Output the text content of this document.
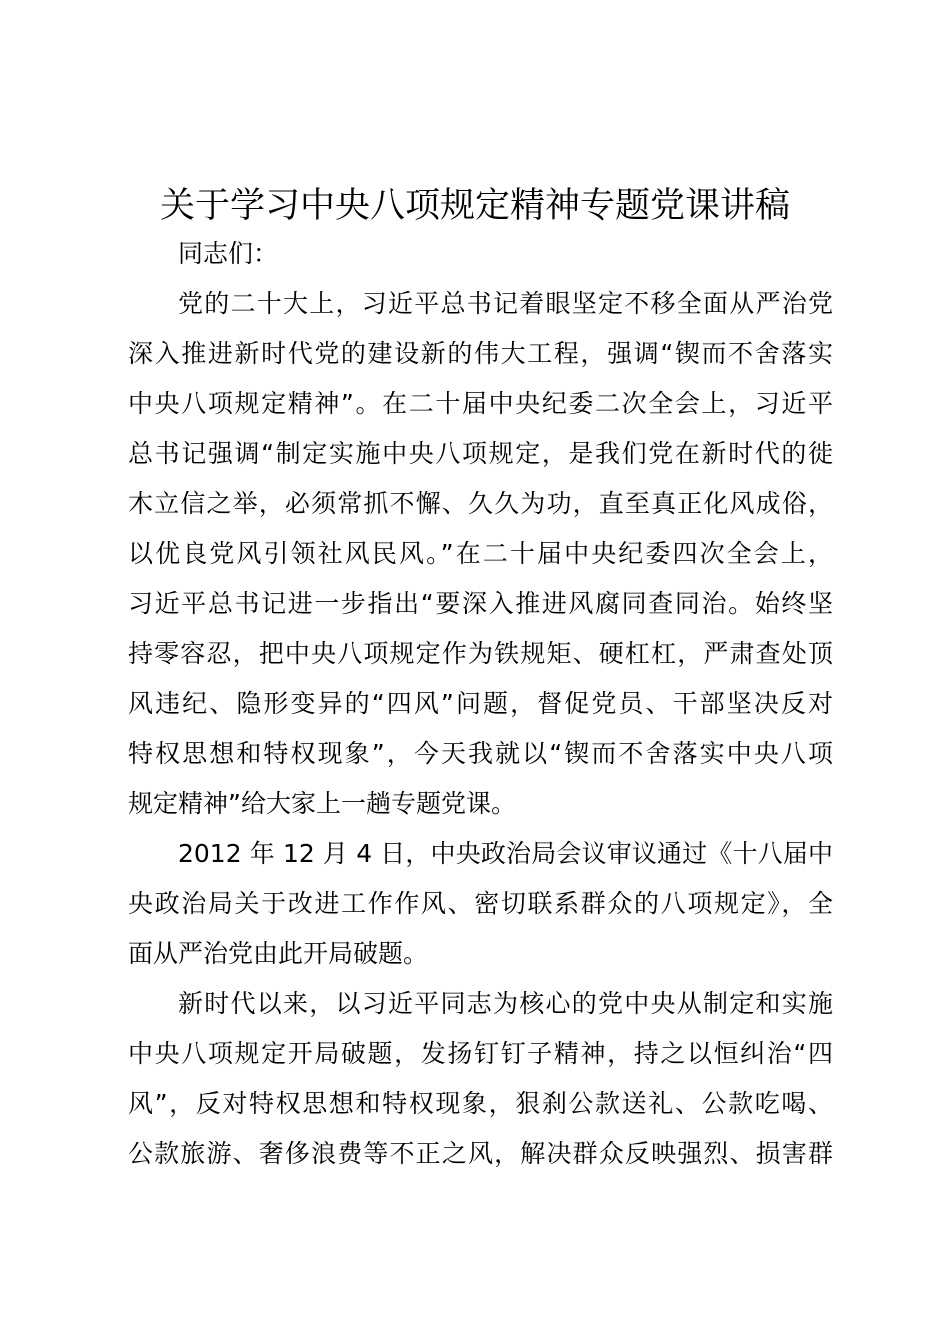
关于学习中央八项规定精神专题党课讲稿
同志们：
党的二十大上，习近平总书记着眼坚定不移全面从严治党
深入推进新时代党的建设新的伟大工程，强调“锲而不舍落实
中央八项规定精神”。在二十届中央纪委二次全会上，习近平
总书记强调“制定实施中央八项规定，是我们党在新时代的徙
木立信之举，必须常抓不懈、久久为功，直至真正化风成俗，
以优良党风引领社风民风。”在二十届中央纪委四次全会上，
习近平总书记进一步指出“要深入推进风腐同查同治。始终坚
持零容忍，把中央八项规定作为铁规矩、硬杠杠，严肃查处顶
风违纪、隐形变异的“四风”问题，督促党员、干部坚决反对
特权思想和特权现象”，今天我就以“锲而不舍落实中央八项
规定精神”给大家上一趟专题党课。
2012 年 12 月 4 日，中央政治局会议审议通过《十八届中
央政治局关于改进工作作风、密切联系群众的八项规定》，全
面从严治党由此开局破题。
新时代以来，以习近平同志为核心的党中央从制定和实施
中央八项规定开局破题，发扬钉钉子精神，持之以恒纠治“四
风”，反对特权思想和特权现象，狠刹公款送礼、公款吃喝、
公款旅游、奢侈浪费等不正之风，解决群众反映强烈、损害群
